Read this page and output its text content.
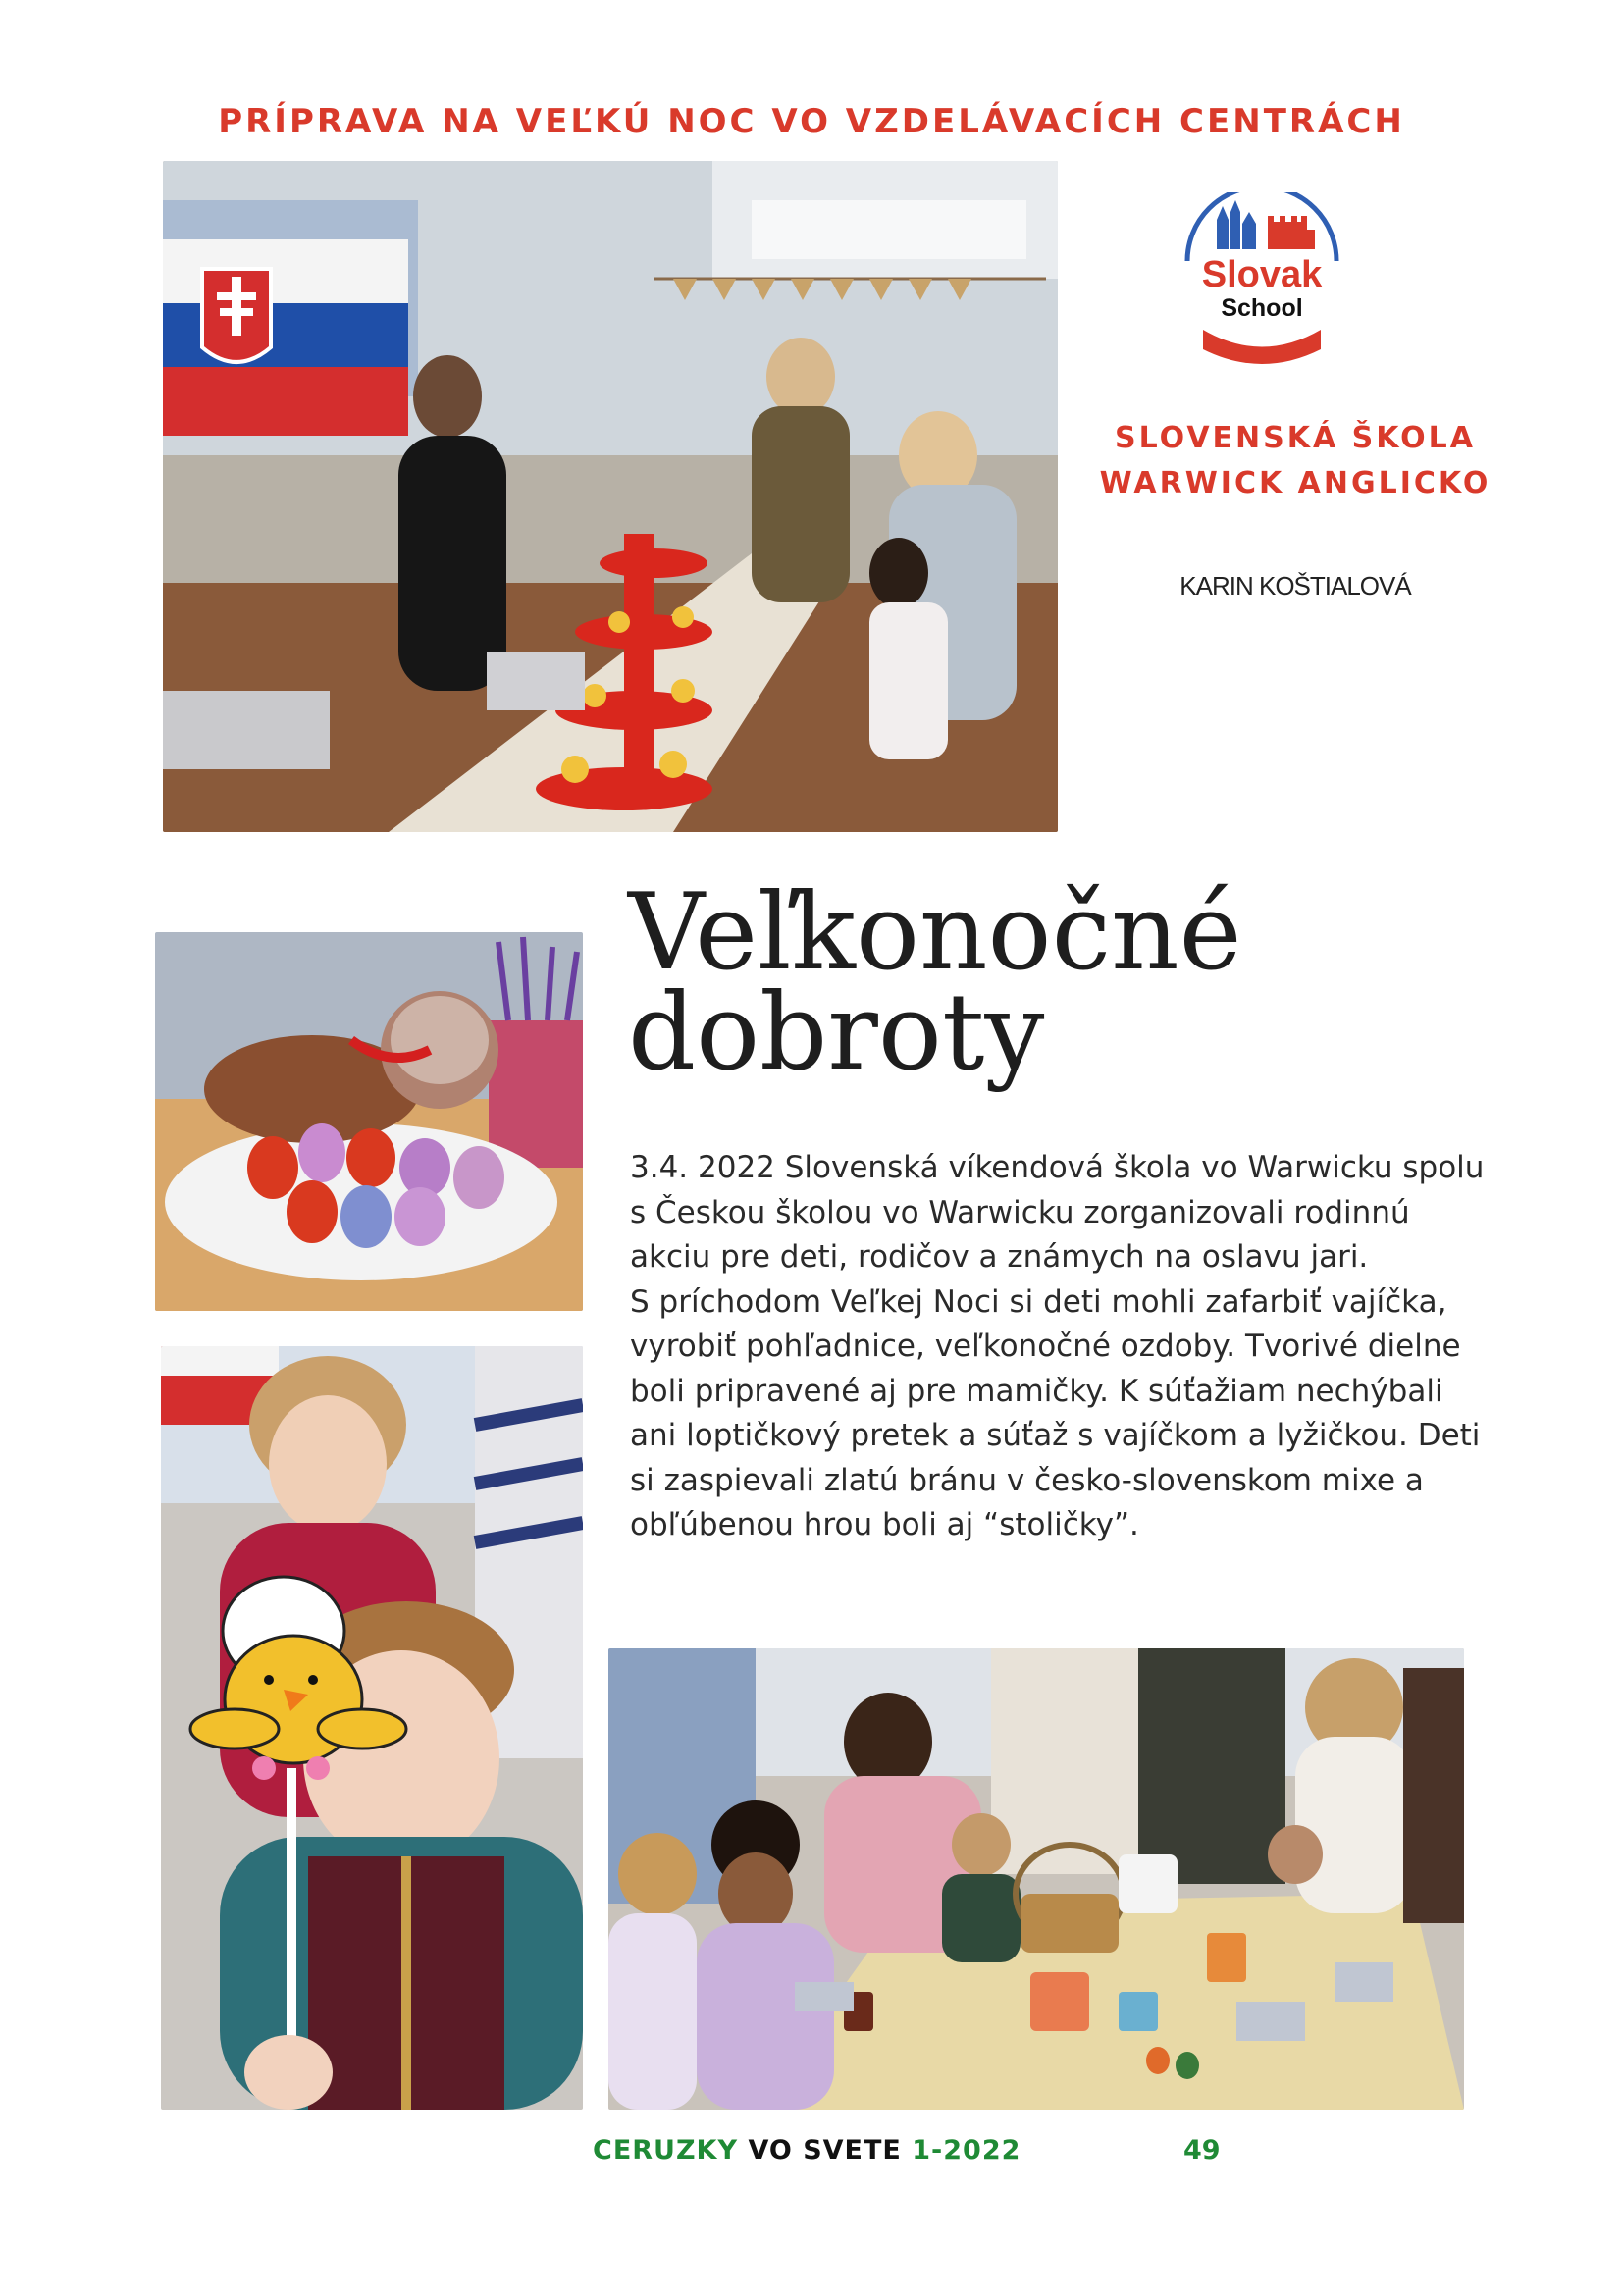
PRÍPRAVA NA VEĽKÚ NOC VO VZDELÁVACÍCH CENTRÁCH
Slovak
School
WARWICK
SLOVENSKÁ ŠKOLA
WARWICK ANGLICKO
KARIN KOŠTIALOVÁ
Veľkonočné
dobroty

3.4. 2022 Slovenská víkendová škola vo Warwicku spolu s Českou školou vo Warwicku zorganizovali rodinnú akciu pre deti, rodičov a známych na oslavu jari.

S príchodom Veľkej Noci si deti mohli zafarbiť vajíčka, vyrobiť pohľadnice, veľkonočné ozdoby. Tvorivé dielne boli pripravené aj pre mamičky. K súťažiam nechýbali ani loptičkový pretek a súťaž s vajíčkom a lyžičkou. Deti si zaspievali zlatú bránu v česko-slovenskom mixe a obľúbenou hrou boli aj “stoličky”.

CERUZKY VO SVETE 1-2022	49
